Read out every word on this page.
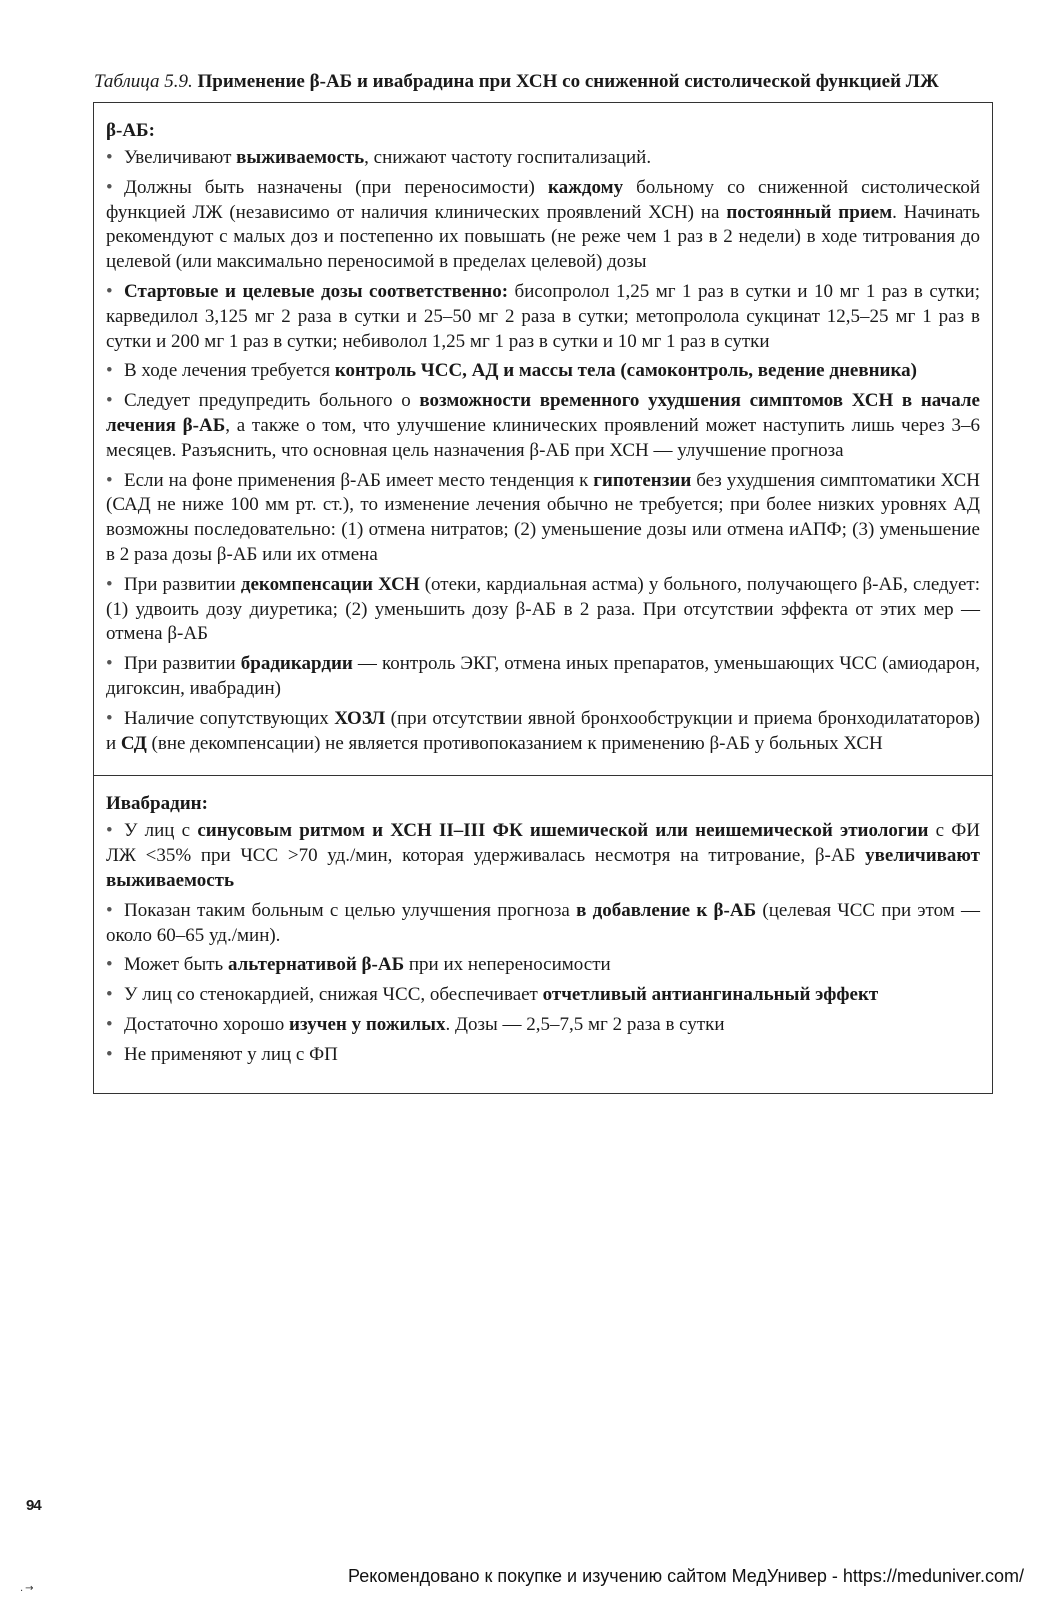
Таблица 5.9. Применение β-АБ и ивабрадина при ХСН со сниженной систолической функцией ЛЖ
β-АБ:
• Увеличивают выживаемость, снижают частоту госпитализаций.
• Должны быть назначены (при переносимости) каждому больному со сниженной систолической функцией ЛЖ (независимо от наличия клинических проявлений ХСН) на постоянный прием. Начинать рекомендуют с малых доз и постепенно их повышать (не реже чем 1 раз в 2 недели) в ходе титрования до целевой (или максимально переносимой в пределах целевой) дозы
• Стартовые и целевые дозы соответственно: бисопролол 1,25 мг 1 раз в сутки и 10 мг 1 раз в сутки; карведилол 3,125 мг 2 раза в сутки и 25–50 мг 2 раза в сутки; метопролола сукцинат 12,5–25 мг 1 раз в сутки и 200 мг 1 раз в сутки; небиволол 1,25 мг 1 раз в сутки и 10 мг 1 раз в сутки
• В ходе лечения требуется контроль ЧСС, АД и массы тела (самоконтроль, ведение дневника)
• Следует предупредить больного о возможности временного ухудшения симптомов ХСН в начале лечения β-АБ, а также о том, что улучшение клинических проявлений может наступить лишь через 3–6 месяцев. Разъяснить, что основная цель назначения β-АБ при ХСН — улучшение прогноза
• Если на фоне применения β-АБ имеет место тенденция к гипотензии без ухудшения симптоматики ХСН (САД не ниже 100 мм рт. ст.), то изменение лечения обычно не требуется; при более низких уровнях АД возможны последовательно: (1) отмена нитратов; (2) уменьшение дозы или отмена иАПФ; (3) уменьшение в 2 раза дозы β-АБ или их отмена
• При развитии декомпенсации ХСН (отеки, кардиальная астма) у больного, получающего β-АБ, следует: (1) удвоить дозу диуретика; (2) уменьшить дозу β-АБ в 2 раза. При отсутствии эффекта от этих мер — отмена β-АБ
• При развитии брадикардии — контроль ЭКГ, отмена иных препаратов, уменьшающих ЧСС (амиодарон, дигоксин, ивабрадин)
• Наличие сопутствующих ХОЗЛ (при отсутствии явной бронхообструкции и приема бронходилататоров) и СД (вне декомпенсации) не является противопоказанием к применению β-АБ у больных ХСН
Ивабрадин:
• У лиц с синусовым ритмом и ХСН II–III ФК ишемической или неишемической этиологии с ФИ ЛЖ <35% при ЧСС >70 уд./мин, которая удерживалась несмотря на титрование, β-АБ увеличивают выживаемость
• Показан таким больным с целью улучшения прогноза в добавление к β-АБ (целевая ЧСС при этом — около 60–65 уд./мин).
• Может быть альтернативой β-АБ при их непереносимости
• У лиц со стенокардией, снижая ЧСС, обеспечивает отчетливый антиангинальный эффект
• Достаточно хорошо изучен у пожилых. Дозы — 2,5–7,5 мг 2 раза в сутки
• Не применяют у лиц с ФП
94
 . →
Рекомендовано к покупке и изучению сайтом МедУнивер - https://meduniver.com/
